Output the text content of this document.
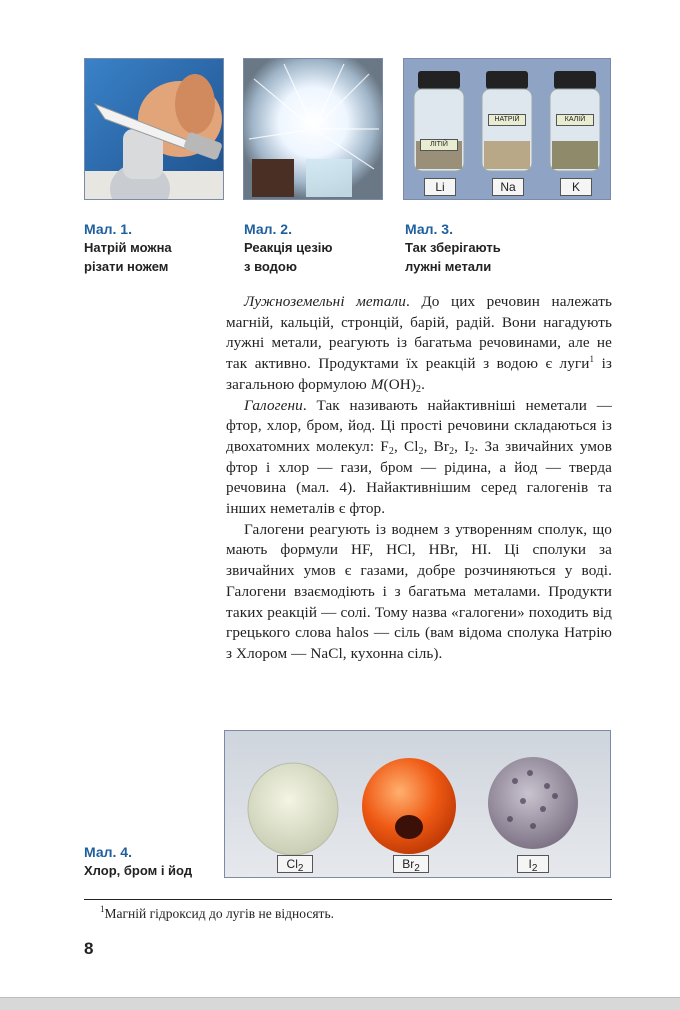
ЛІТІЙ
НАТРІЙ	КАЛІЙ
Li	Na	K
Мал. 1.
Натрій можна
різати ножем
Мал. 2.
Реакція цезію
з водою
Мал. 3.
Так зберігають
лужні метали

Лужноземельні метали. До цих речовин належать магній, кальцій, стронцій, барій, радій. Вони нагадують лужні метали, реагують із багатьма речовинами, але не так активно. Продуктами їх реакцій з водою є луги$^1$ із загальною формулою $M(OH)_2$.

Галогени. Так називають найактивніші неметали — фтор, хлор, бром, йод. Ці прості речовини складаються із двохатомних молекул: $F_2$, $Cl_2$, $Br_2$, $I_2$. За звичайних умов фтор і хлор — гази, бром — рідина, а йод — тверда речовина (мал. 4). Найактивнішим серед галогенів та інших неметалів є фтор.

Галогени реагують із воднем з утворенням сполук, що мають формули HF, HCl, HBr, HI. Ці сполуки за звичайних умов є газами, добре розчиняються у воді. Галогени взаємодіють і з багатьма металами. Продукти таких реакцій — солі. Тому назва «галогени» походить від грецького слова halos — сіль (вам відома сполука Натрію з Хлором — NaCl, кухонна сіль).

$Cl_2$	$Br_2$	$I_2$
Мал. 4.
Хлор, бром і йод
$^1$Магній гідроксид до лугів не відносять.
8
